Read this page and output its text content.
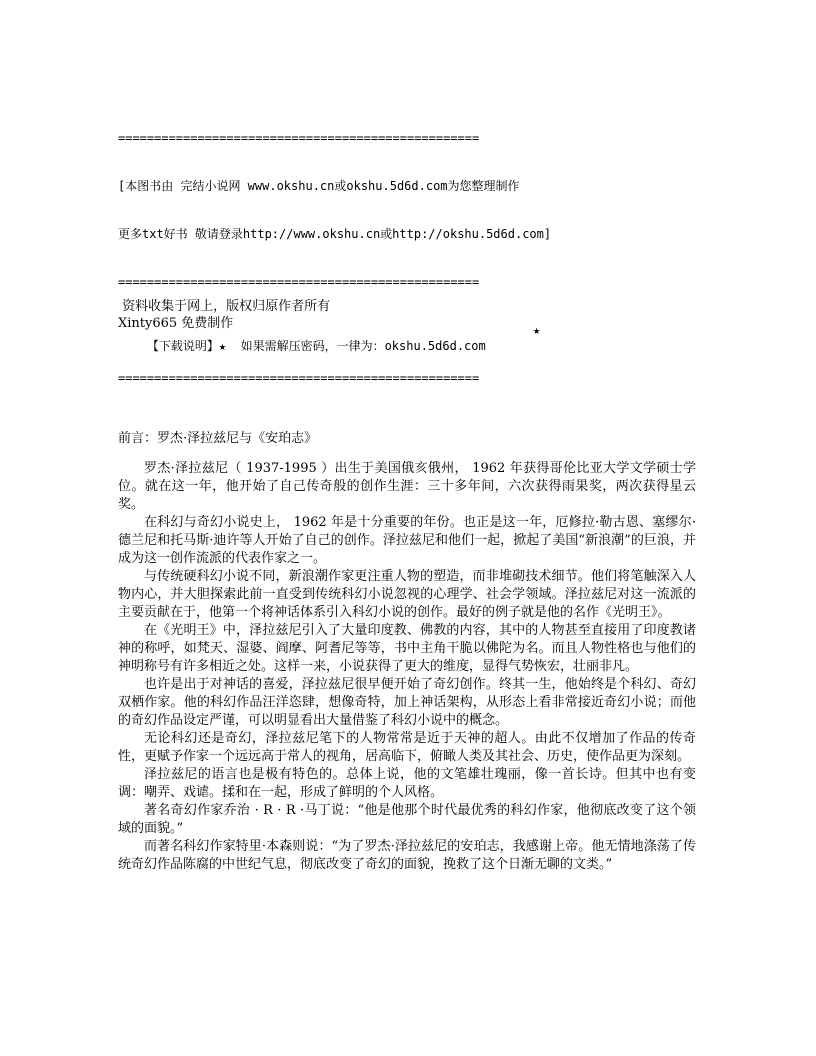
==================================================

[本图书由 完结小说网 www.okshu.cn或okshu.5d6d.com为您整理制作

更多txt好书 敬请登录http://www.okshu.cn或http://okshu.5d6d.com]

==================================================

【下载说明】★  如果需解压密码，一律为：okshu.5d6d.com

★

==================================================

资料收集于网上，版权归原作者所有
Xinty665 免费制作
前言：罗杰·泽拉兹尼与《安珀志》

罗杰·泽拉兹尼（ 1937-1995 ）出生于美国俄亥俄州， 1962 年获得哥伦比亚大学文学硕士学位。就在这一年，他开始了自己传奇般的创作生涯：三十多年间，六次获得雨果奖，两次获得星云奖。

在科幻与奇幻小说史上， 1962 年是十分重要的年份。也正是这一年，厄修拉·勒古恩、塞缪尔·德兰尼和托马斯·迪许等人开始了自己的创作。泽拉兹尼和他们一起，掀起了美国“新浪潮”的巨浪，并成为这一创作流派的代表作家之一。

与传统硬科幻小说不同，新浪潮作家更注重人物的塑造，而非堆砌技术细节。他们将笔触深入人物内心，并大胆探索此前一直受到传统科幻小说忽视的心理学、社会学领域。泽拉兹尼对这一流派的主要贡献在于，他第一个将神话体系引入科幻小说的创作。最好的例子就是他的名作《光明王》。

在《光明王》中，泽拉兹尼引入了大量印度教、佛教的内容，其中的人物甚至直接用了印度教诸神的称呼，如梵天、湿婆、阎摩、阿耆尼等等，书中主角干脆以佛陀为名。而且人物性格也与他们的神明称号有许多相近之处。这样一来，小说获得了更大的维度，显得气势恢宏，壮丽非凡。

也许是出于对神话的喜爱，泽拉兹尼很早便开始了奇幻创作。终其一生，他始终是个科幻、奇幻双栖作家。他的科幻作品汪洋恣肆，想像奇特，加上神话架构，从形态上看非常接近奇幻小说；而他的奇幻作品设定严谨，可以明显看出大量借鉴了科幻小说中的概念。

无论科幻还是奇幻，泽拉兹尼笔下的人物常常是近于天神的超人。由此不仅增加了作品的传奇性，更赋予作家一个远远高于常人的视角，居高临下，俯瞰人类及其社会、历史，使作品更为深刻。

泽拉兹尼的语言也是极有特色的。总体上说，他的文笔雄壮瑰丽，像一首长诗。但其中也有变调：嘲弄、戏谑。揉和在一起，形成了鲜明的个人风格。

著名奇幻作家乔治 · R · R ·马丁说：“他是他那个时代最优秀的科幻作家，他彻底改变了这个领域的面貌。”

而著名科幻作家特里·本森则说：“为了罗杰·泽拉兹尼的安珀志，我感谢上帝。他无情地涤荡了传统奇幻作品陈腐的中世纪气息，彻底改变了奇幻的面貌，挽救了这个日渐无聊的文类。”
